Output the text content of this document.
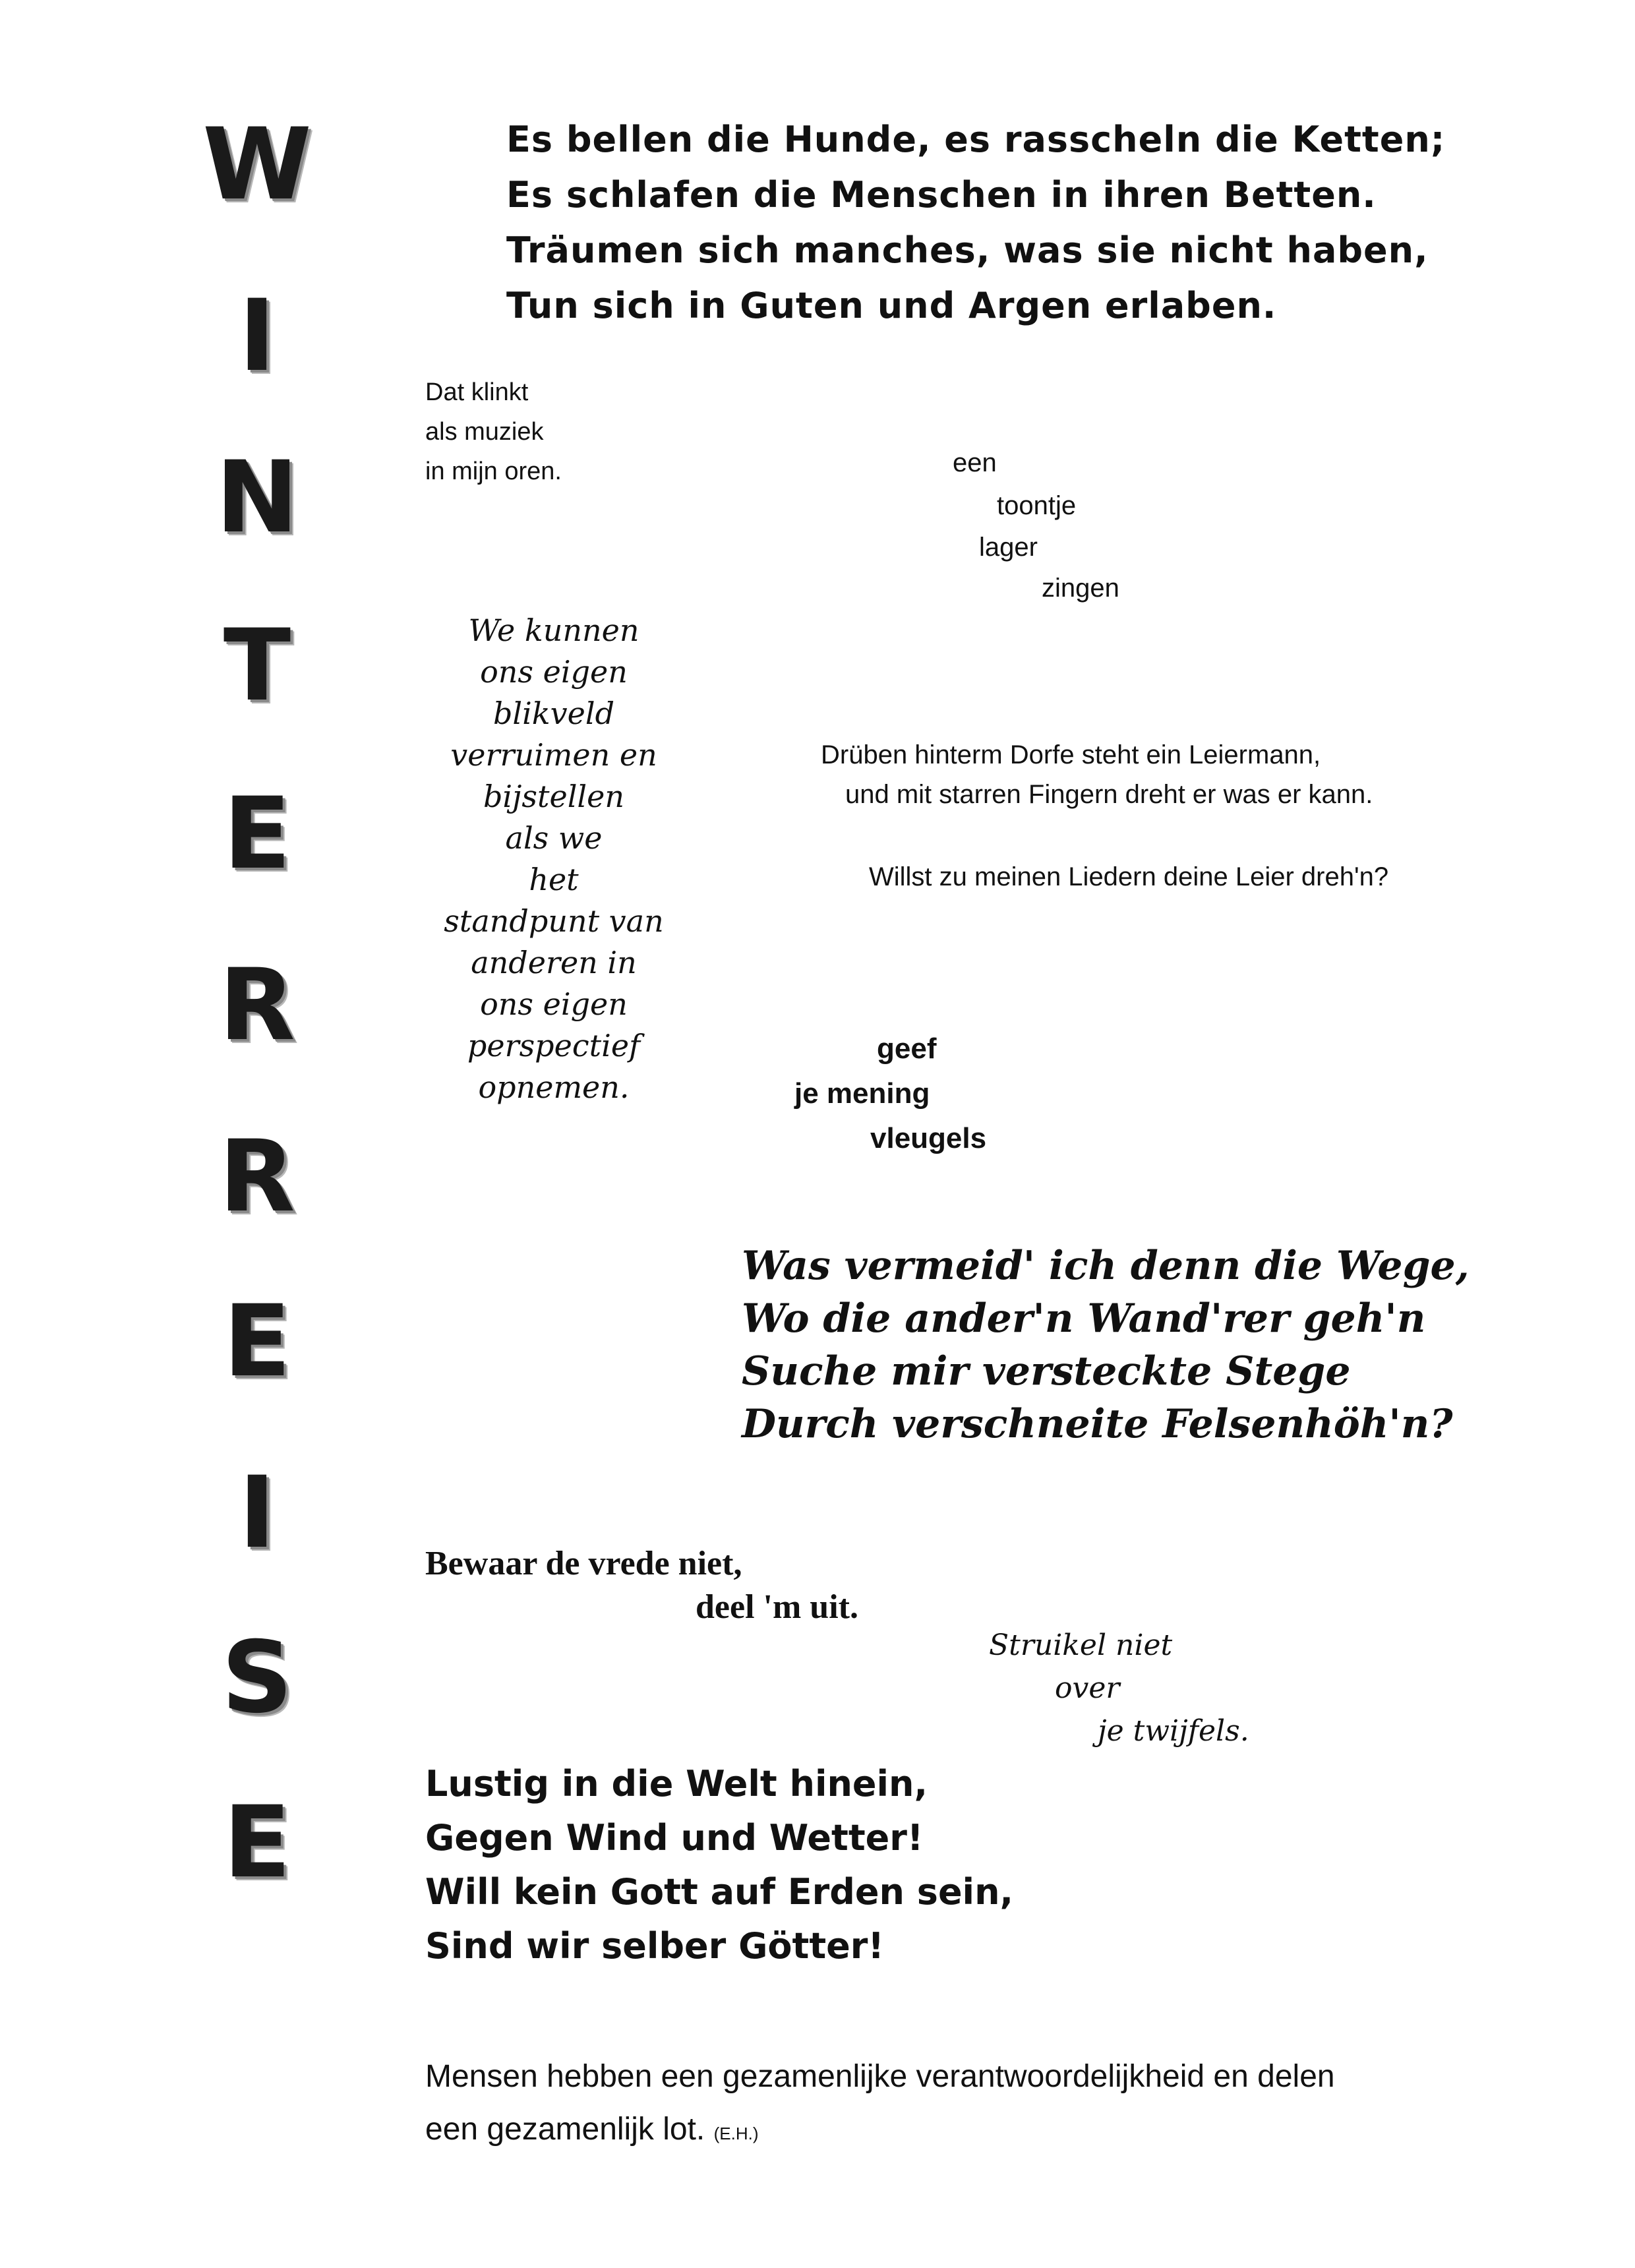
W
I
N
T
E
R
R
E
I
S
E
Es bellen die Hunde, es rasscheln die Ketten;
Es schlafen die Menschen in ihren Betten.
Träumen sich manches, was sie nicht haben,
Tun sich in Guten und Argen erlaben.
Dat klinkt
als muziek
in mijn oren.	een
toontje
lager
zingen
We kunnen
ons eigen
blikveld
verruimen en
bijstellen
als we
het
standpunt van
anderen in
ons eigen
perspectief
opnemen.
Drüben hinterm Dorfe steht ein Leiermann,
und mit starren Fingern dreht er was er kann.
Willst zu meinen Liedern deine Leier dreh'n?
geef
je mening
vleugels
Was vermeid' ich denn die Wege,
Wo die ander'n Wand'rer geh'n
Suche mir versteckte Stege
Durch verschneite Felsenhöh'n?
Bewaar de vrede niet,
deel 'm uit.
Struikel niet
over
je twijfels.
Lustig in die Welt hinein,
Gegen Wind und Wetter!
Will kein Gott auf Erden sein,
Sind wir selber Götter!
Mensen hebben een gezamenlijke verantwoordelijkheid en delen
een gezamenlijk lot. (E.H.)
